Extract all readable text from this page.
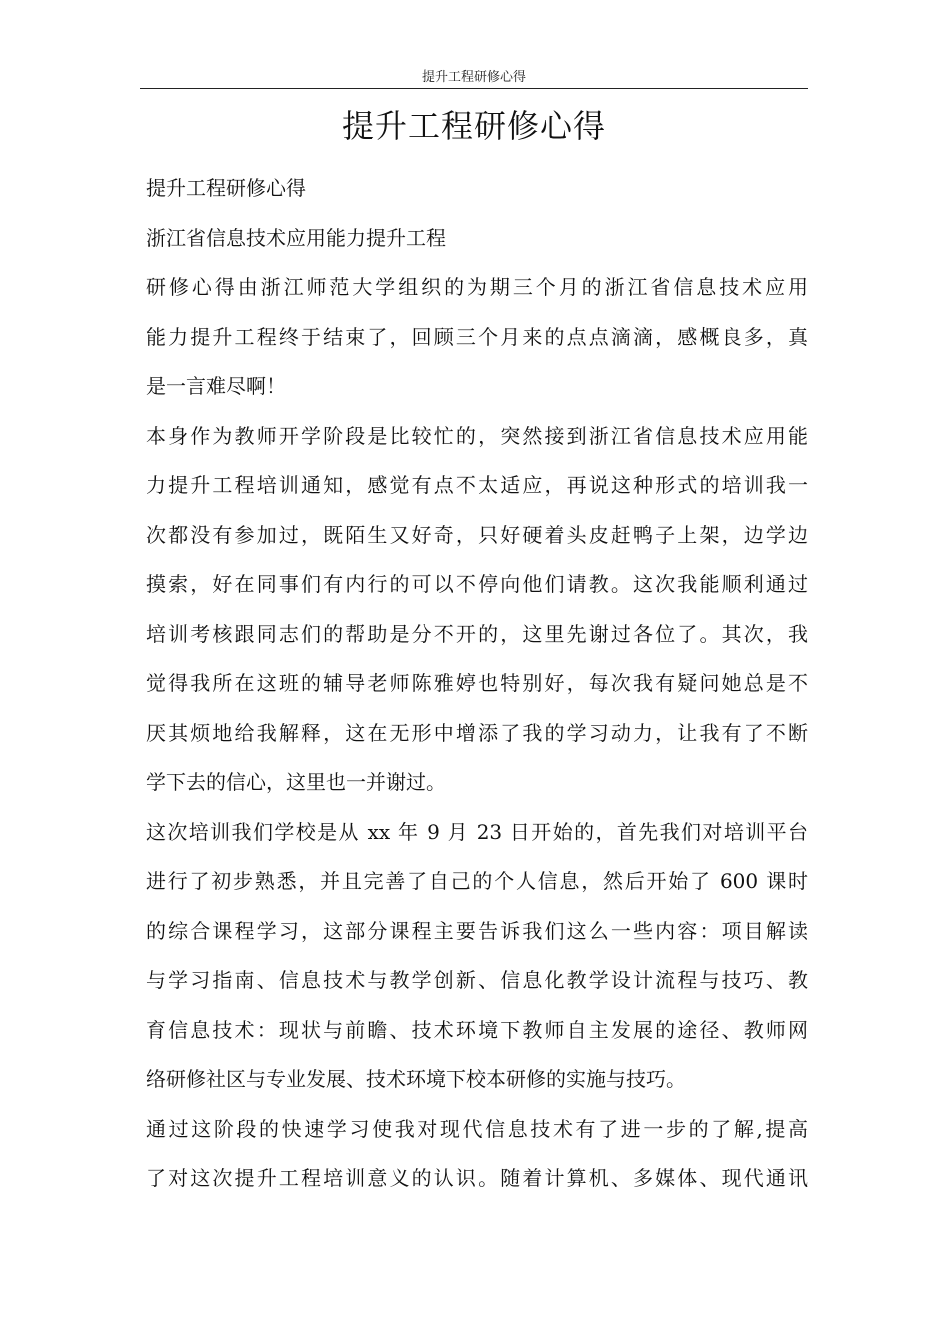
提升工程研修心得
提升工程研修心得
提升工程研修心得
浙江省信息技术应用能力提升工程
研修心得由浙江师范大学组织的为期三个月的浙江省信息技术应用
能力提升工程终于结束了，回顾三个月来的点点滴滴，感概良多，真
是一言难尽啊！
本身作为教师开学阶段是比较忙的，突然接到浙江省信息技术应用能
力提升工程培训通知，感觉有点不太适应，再说这种形式的培训我一
次都没有参加过，既陌生又好奇，只好硬着头皮赶鸭子上架，边学边
摸索，好在同事们有内行的可以不停向他们请教。这次我能顺利通过
培训考核跟同志们的帮助是分不开的，这里先谢过各位了。其次，我
觉得我所在这班的辅导老师陈雅婷也特别好，每次我有疑问她总是不
厌其烦地给我解释，这在无形中增添了我的学习动力，让我有了不断
学下去的信心，这里也一并谢过。
这次培训我们学校是从 xx 年 9 月 23 日开始的，首先我们对培训平台
进行了初步熟悉，并且完善了自己的个人信息，然后开始了 600 课时
的综合课程学习，这部分课程主要告诉我们这么一些内容：项目解读
与学习指南、信息技术与教学创新、信息化教学设计流程与技巧、教
育信息技术：现状与前瞻、技术环境下教师自主发展的途径、教师网
络研修社区与专业发展、技术环境下校本研修的实施与技巧。
通过这阶段的快速学习使我对现代信息技术有了进一步的了解,提高
了对这次提升工程培训意义的认识。随着计算机、多媒体、现代通讯
